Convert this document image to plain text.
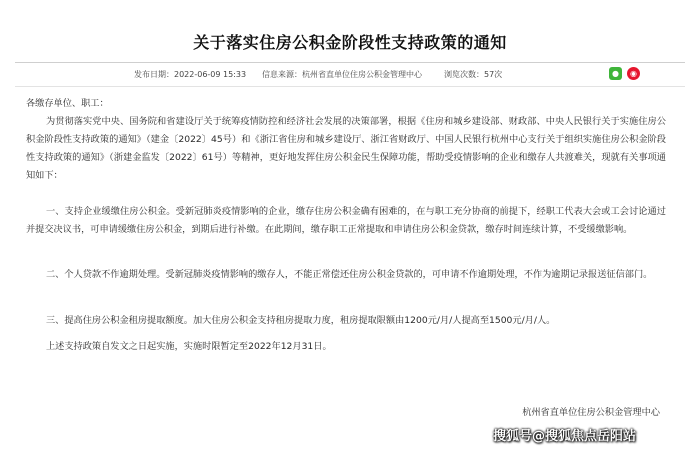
关于落实住房公积金阶段性支持政策的通知
发布日期：2022-06-09 15:33 信息来源：杭州省直单位住房公积金管理中心	浏览次数：57次	●	◉
各缴存单位、职工：
为贯彻落实党中央、国务院和省建设厅关于统筹疫情防控和经济社会发展的决策部署，根据《住房和城乡建设部、财政部、中央人民银行关于实施住房公积金阶段性支持政策的通知》（建金〔2022〕45号）和《浙江省住房和城乡建设厅、浙江省财政厅、中国人民银行杭州中心支行关于组织实施住房公积金阶段性支持政策的通知》（浙建金监发〔2022〕61号）等精神，更好地发挥住房公积金民生保障功能，帮助受疫情影响的企业和缴存人共渡难关，现就有关事项通知如下：
一、支持企业缓缴住房公积金。受新冠肺炎疫情影响的企业，缴存住房公积金确有困难的，在与职工充分协商的前提下，经职工代表大会或工会讨论通过并提交决议书，可申请缓缴住房公积金，到期后进行补缴。在此期间，缴存职工正常提取和申请住房公积金贷款，缴存时间连续计算，不受缓缴影响。
二、个人贷款不作逾期处理。受新冠肺炎疫情影响的缴存人，不能正常偿还住房公积金贷款的，可申请不作逾期处理，不作为逾期记录报送征信部门。
三、提高住房公积金租房提取额度。加大住房公积金支持租房提取力度，租房提取限额由1200元/月/人提高至1500元/月/人。
上述支持政策自发文之日起实施，实施时限暂定至2022年12月31日。
杭州省直单位住房公积金管理中心
搜狐号@搜狐焦点岳阳站
